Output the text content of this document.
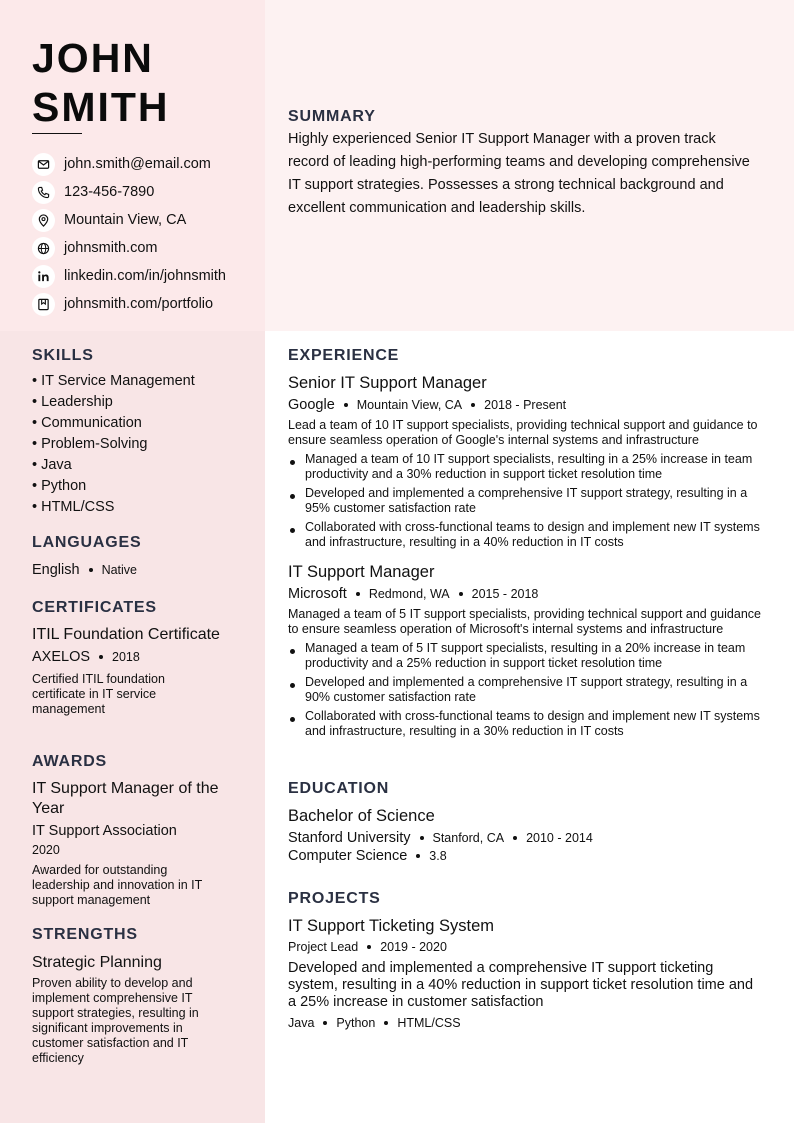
JOHN
SMITH
john.smith@email.com
123-456-7890
Mountain View, CA
johnsmith.com
linkedin.com/in/johnsmith
johnsmith.com/portfolio
SUMMARY

Highly experienced Senior IT Support Manager with a proven track record of leading high-performing teams and developing comprehensive IT support strategies. Possesses a strong technical background and excellent communication and leadership skills.

SKILLS
• IT Service Management
• Leadership
• Communication
• Problem-Solving
• Java
• Python
• HTML/CSS
LANGUAGES
English Native
CERTIFICATES
ITIL Foundation Certificate
AXELOS 2018
Certified ITIL foundation certificate in IT service management
AWARDS
IT Support Manager of the Year
IT Support Association
2020
Awarded for outstanding leadership and innovation in IT support management
STRENGTHS
Strategic Planning
Proven ability to develop and implement comprehensive IT support strategies, resulting in significant improvements in customer satisfaction and IT efficiency
EXPERIENCE
Senior IT Support Manager
Google Mountain View, CA 2018 - Present
Lead a team of 10 IT support specialists, providing technical support and guidance to ensure seamless operation of Google's internal systems and infrastructure
Managed a team of 10 IT support specialists, resulting in a 25% increase in team productivity and a 30% reduction in support ticket resolution time
Developed and implemented a comprehensive IT support strategy, resulting in a 95% customer satisfaction rate
Collaborated with cross-functional teams to design and implement new IT systems and infrastructure, resulting in a 40% reduction in IT costs
IT Support Manager
Microsoft Redmond, WA 2015 - 2018
Managed a team of 5 IT support specialists, providing technical support and guidance to ensure seamless operation of Microsoft's internal systems and infrastructure
Managed a team of 5 IT support specialists, resulting in a 20% increase in team productivity and a 25% reduction in support ticket resolution time
Developed and implemented a comprehensive IT support strategy, resulting in a 90% customer satisfaction rate
Collaborated with cross-functional teams to design and implement new IT systems and infrastructure, resulting in a 30% reduction in IT costs
EDUCATION
Bachelor of Science
Stanford University Stanford, CA 2010 - 2014
Computer Science 3.8
PROJECTS
IT Support Ticketing System
Project Lead 2019 - 2020
Developed and implemented a comprehensive IT support ticketing system, resulting in a 40% reduction in support ticket resolution time and a 25% increase in customer satisfaction
Java Python HTML/CSS
